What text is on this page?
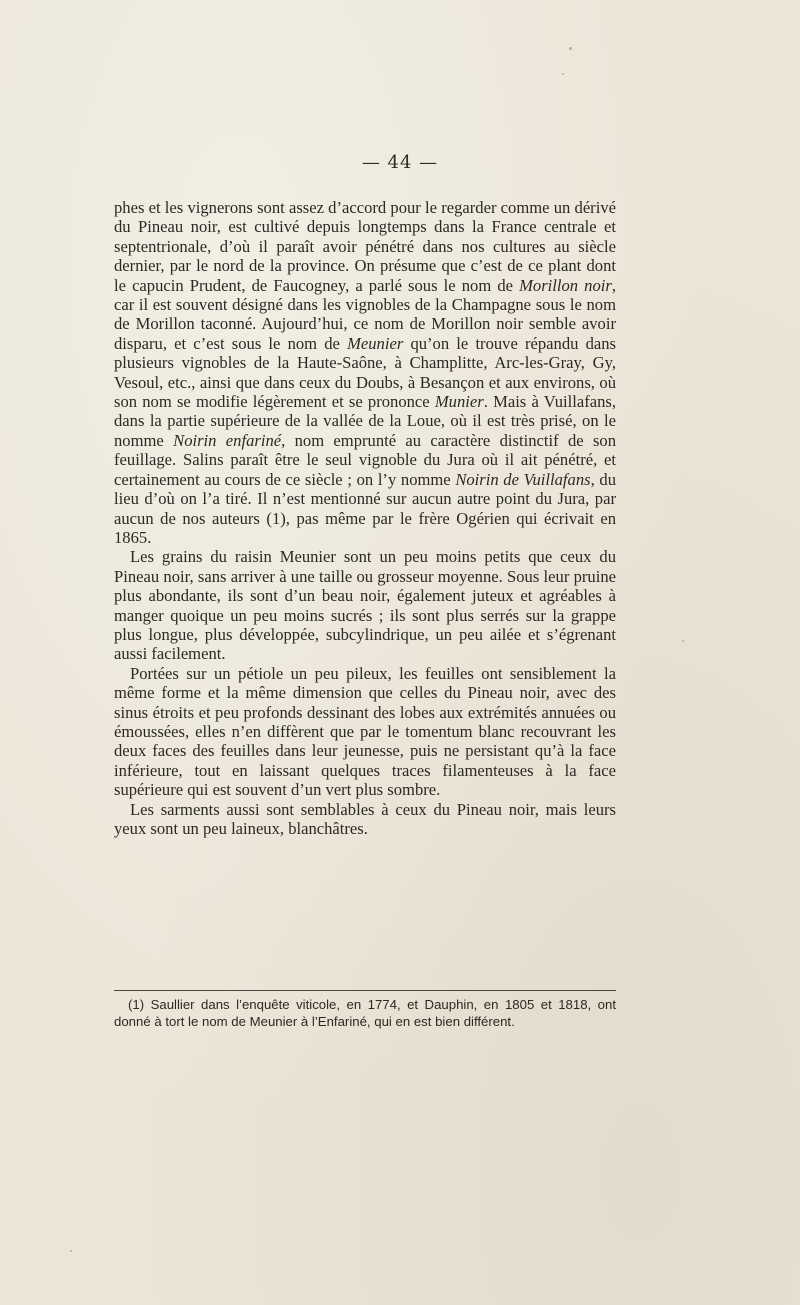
— 44 —

phes et les vignerons sont assez d’accord pour le regarder comme un dérivé du Pineau noir, est cultivé depuis longtemps dans la France centrale et septentrionale, d’où il paraît avoir pénétré dans nos cultures au siècle dernier, par le nord de la province. On présume que c’est de ce plant dont le capucin Prudent, de Faucogney, a parlé sous le nom de Morillon noir, car il est souvent désigné dans les vignobles de la Champagne sous le nom de Morillon taconné. Aujourd’hui, ce nom de Morillon noir semble avoir disparu, et c’est sous le nom de Meunier qu’on le trouve répandu dans plusieurs vignobles de la Haute-Saône, à Champlitte, Arc-les-Gray, Gy, Vesoul, etc., ainsi que dans ceux du Doubs, à Besançon et aux environs, où son nom se modifie légèrement et se prononce Munier. Mais à Vuillafans, dans la partie supérieure de la vallée de la Loue, où il est très prisé, on le nomme Noirin enfariné, nom emprunté au caractère distinctif de son feuillage. Salins paraît être le seul vignoble du Jura où il ait pénétré, et certainement au cours de ce siècle ; on l’y nomme Noirin de Vuillafans, du lieu d’où on l’a tiré. Il n’est mentionné sur aucun autre point du Jura, par aucun de nos auteurs (1), pas même par le frère Ogérien qui écrivait en 1865.

Les grains du raisin Meunier sont un peu moins petits que ceux du Pineau noir, sans arriver à une taille ou grosseur moyenne. Sous leur pruine plus abondante, ils sont d’un beau noir, également juteux et agréables à manger quoique un peu moins sucrés ; ils sont plus serrés sur la grappe plus longue, plus développée, subcylindrique, un peu ailée et s’égrenant aussi facilement.

Portées sur un pétiole un peu pileux, les feuilles ont sensiblement la même forme et la même dimension que celles du Pineau noir, avec des sinus étroits et peu profonds dessinant des lobes aux extrémités annuées ou émoussées, elles n’en diffèrent que par le tomentum blanc recouvrant les deux faces des feuilles dans leur jeunesse, puis ne persistant qu’à la face inférieure, tout en laissant quelques traces filamenteuses à la face supérieure qui est souvent d’un vert plus sombre.

Les sarments aussi sont semblables à ceux du Pineau noir, mais leurs yeux sont un peu laineux, blanchâtres.

(1) Saullier dans l’enquête viticole, en 1774, et Dauphin, en 1805 et 1818, ont donné à tort le nom de Meunier à l’Enfariné, qui en est bien différent.
